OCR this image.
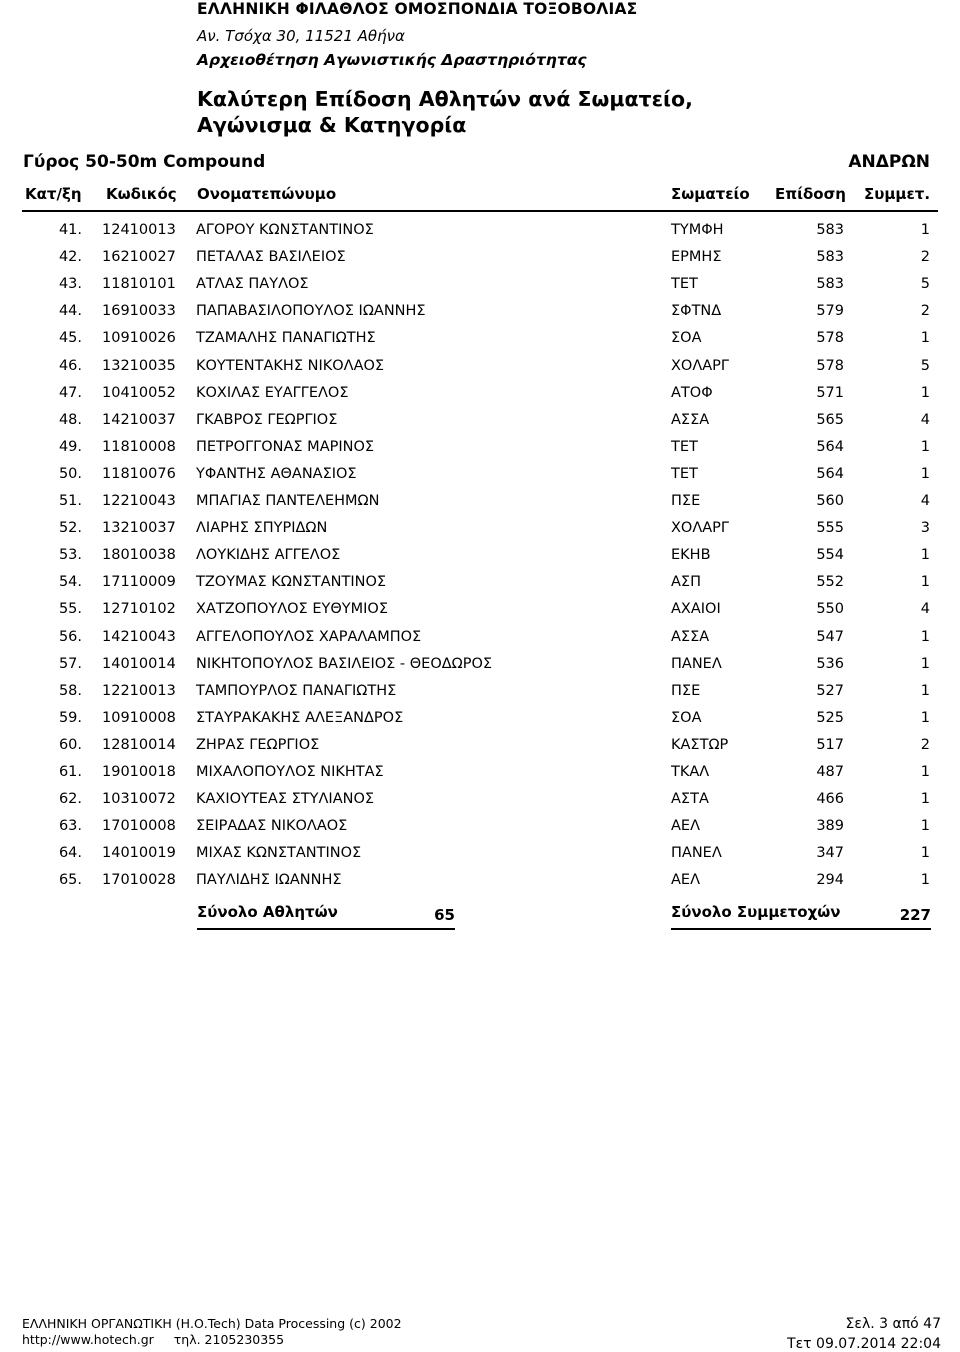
ΕΛΛΗΝΙΚΗ ΦΙΛΑΘΛΟΣ ΟΜΟΣΠΟΝΔΙΑ ΤΟΞΟΒΟΛΙΑΣ
Αν. Τσόχα 30, 11521 Αθήνα
Αρχειοθέτηση Αγωνιστικής Δραστηριότητας
Καλύτερη Επίδοση Αθλητών ανά Σωματείο,
Αγώνισμα & Κατηγορία
Γύρος 50-50m Compound	ΑΝΔΡΩΝ
Κατ/ξη Κωδικός Ονοματεπώνυμο	Σωματείο Επίδοση Συμμετ.
41. 12410013 ΑΓΟΡΟΥ ΚΩΝΣΤΑΝΤΙΝΟΣ	ΤΥΜΦΗ	583	1
42. 16210027 ΠΕΤΑΛΑΣ ΒΑΣΙΛΕΙΟΣ	ΕΡΜΗΣ	583	2
43. 11810101 ΑΤΛΑΣ ΠΑΥΛΟΣ	ΤΕΤ	583	5
44. 16910033 ΠΑΠΑΒΑΣΙΛΟΠΟΥΛΟΣ ΙΩΑΝΝΗΣ	ΣΦΤΝΔ	579	2
45. 10910026 ΤΖΑΜΑΛΗΣ ΠΑΝΑΓΙΩΤΗΣ	ΣΟΑ	578	1
46. 13210035 ΚΟΥΤΕΝΤΑΚΗΣ ΝΙΚΟΛΑΟΣ	ΧΟΛΑΡΓ	578	5
47. 10410052 ΚΟΧΙΛΑΣ ΕΥΑΓΓΕΛΟΣ	ΑΤΟΦ	571	1
48. 14210037 ΓΚΑΒΡΟΣ ΓΕΩΡΓΙΟΣ	ΑΣΣΑ	565	4
49. 11810008 ΠΕΤΡΟΓΓΟΝΑΣ ΜΑΡΙΝΟΣ	ΤΕΤ	564	1
50. 11810076 ΥΦΑΝΤΗΣ ΑΘΑΝΑΣΙΟΣ	ΤΕΤ	564	1
51. 12210043 ΜΠΑΓΙΑΣ ΠΑΝΤΕΛΕΗΜΩΝ	ΠΣΕ	560	4
52. 13210037 ΛΙΑΡΗΣ ΣΠΥΡΙΔΩΝ	ΧΟΛΑΡΓ	555	3
53. 18010038 ΛΟΥΚΙΔΗΣ ΑΓΓΕΛΟΣ	ΕΚΗΒ	554	1
54. 17110009 ΤΖΟΥΜΑΣ ΚΩΝΣΤΑΝΤΙΝΟΣ	ΑΣΠ	552	1
55. 12710102 ΧΑΤΖΟΠΟΥΛΟΣ ΕΥΘΥΜΙΟΣ	ΑΧΑΙΟΙ	550	4
56. 14210043 ΑΓΓΕΛΟΠΟΥΛΟΣ ΧΑΡΑΛΑΜΠΟΣ	ΑΣΣΑ	547	1
57. 14010014 ΝΙΚΗΤΟΠΟΥΛΟΣ ΒΑΣΙΛΕΙΟΣ - ΘΕΟΔΩΡΟΣ	ΠΑΝΕΛ	536	1
58. 12210013 ΤΑΜΠΟΥΡΛΟΣ ΠΑΝΑΓΙΩΤΗΣ	ΠΣΕ	527	1
59. 10910008 ΣΤΑΥΡΑΚΑΚΗΣ ΑΛΕΞΑΝΔΡΟΣ	ΣΟΑ	525	1
60. 12810014 ΖΗΡΑΣ ΓΕΩΡΓΙΟΣ	ΚΑΣΤΩΡ	517	2
61. 19010018 ΜΙΧΑΛΟΠΟΥΛΟΣ ΝΙΚΗΤΑΣ	ΤΚΑΛ	487	1
62. 10310072 ΚΑΧΙΟΥΤΕΑΣ ΣΤΥΛΙΑΝΟΣ	ΑΣΤΑ	466	1
63. 17010008 ΣΕΙΡΑΔΑΣ ΝΙΚΟΛΑΟΣ	ΑΕΛ	389	1
64. 14010019 ΜΙΧΑΣ ΚΩΝΣΤΑΝΤΙΝΟΣ	ΠΑΝΕΛ	347	1
65. 17010028 ΠΑΥΛΙΔΗΣ ΙΩΑΝΝΗΣ	ΑΕΛ	294	1
Σύνολο Αθλητών	65	Σύνολο Συμμετοχών	227
ΕΛΛΗΝΙΚΗ ΟΡΓΑΝΩΤΙΚΗ (Η.Ο.Tech) Data Processing (c) 2002
http://www.hotech.gr τηλ. 2105230355
Σελ. 3 από 47
Τετ 09.07.2014 22:04
